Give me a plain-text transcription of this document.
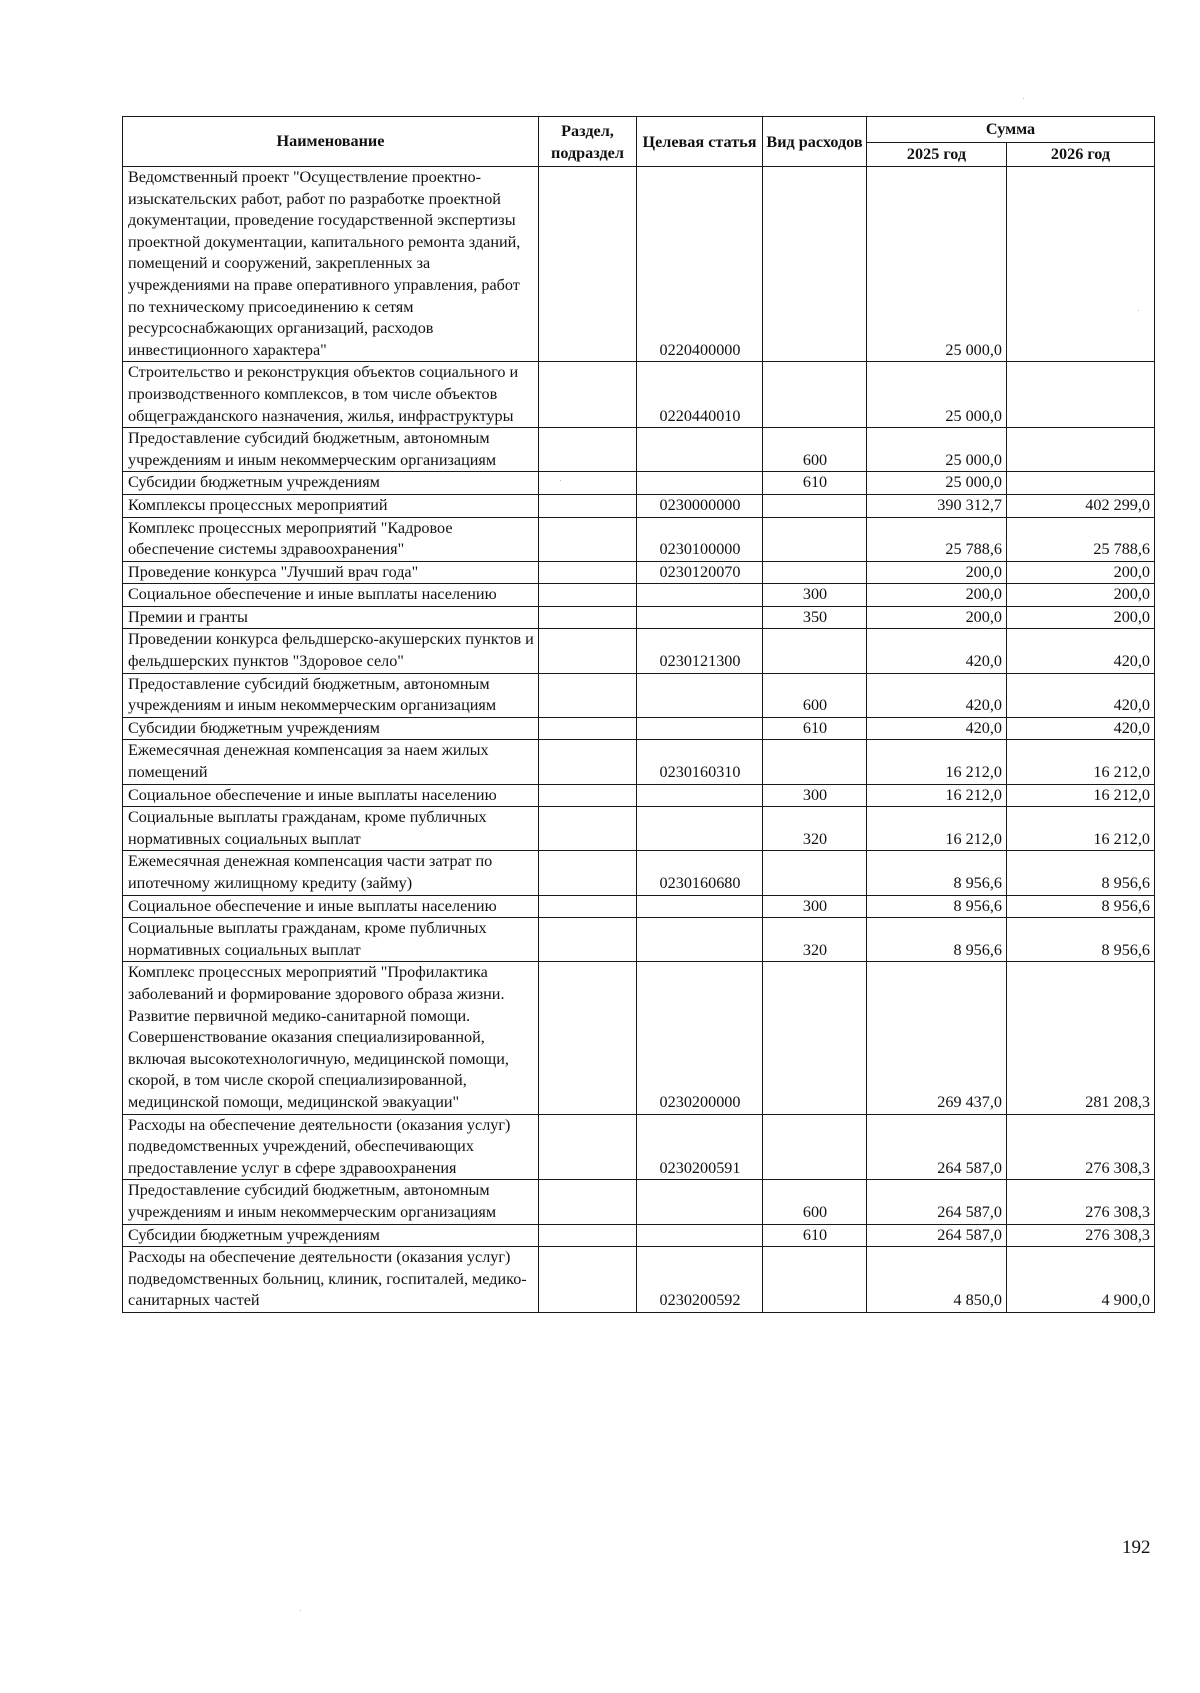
Наименование	Раздел, подраздел	Целевая статья	Вид расходов	Сумма	
				2025 год	2026 год
Ведомственный проект "Осуществление проектно-изыскательских работ, работ по разработке проектной документации, проведение государственной экспертизы проектной документации, капитального ремонта зданий, помещений и сооружений, закрепленных за учреждениями на праве оперативного управления, работ по техническому присоединению к сетям ресурсоснабжающих организаций, расходов инвестиционного характера"		0220400000		25 000,0	
Строительство и реконструкция объектов социального и производственного комплексов, в том числе объектов общегражданского назначения, жилья, инфраструктуры		0220440010		25 000,0	
Предоставление субсидий бюджетным, автономным учреждениям и иным некоммерческим организациям			600	25 000,0	
Субсидии бюджетным учреждениям			610	25 000,0	
Комплексы процессных мероприятий		0230000000		390 312,7	402 299,0
Комплекс процессных мероприятий "Кадровое обеспечение системы здравоохранения"		0230100000		25 788,6	25 788,6
Проведение конкурса "Лучший врач года"		0230120070		200,0	200,0
Социальное обеспечение и иные выплаты населению			300	200,0	200,0
Премии и гранты			350	200,0	200,0
Проведении конкурса фельдшерско-акушерских пунктов и фельдшерских пунктов "Здоровое село"		0230121300		420,0	420,0
Предоставление субсидий бюджетным, автономным учреждениям и иным некоммерческим организациям			600	420,0	420,0
Субсидии бюджетным учреждениям			610	420,0	420,0
Ежемесячная денежная компенсация за наем жилых помещений		0230160310		16 212,0	16 212,0
Социальное обеспечение и иные выплаты населению			300	16 212,0	16 212,0
Социальные выплаты гражданам, кроме публичных нормативных социальных выплат			320	16 212,0	16 212,0
Ежемесячная денежная компенсация части затрат по ипотечному жилищному кредиту (займу)		0230160680		8 956,6	8 956,6
Социальное обеспечение и иные выплаты населению			300	8 956,6	8 956,6
Социальные выплаты гражданам, кроме публичных нормативных социальных выплат			320	8 956,6	8 956,6
Комплекс процессных мероприятий "Профилактика заболеваний и формирование здорового образа жизни. Развитие первичной медико-санитарной помощи. Совершенствование оказания специализированной, включая высокотехнологичную, медицинской помощи, скорой, в том числе скорой специализированной, медицинской помощи, медицинской эвакуации"		0230200000		269 437,0	281 208,3
Расходы на обеспечение деятельности (оказания услуг) подведомственных учреждений, обеспечивающих предоставление услуг в сфере здравоохранения		0230200591		264 587,0	276 308,3
Предоставление субсидий бюджетным, автономным учреждениям и иным некоммерческим организациям			600	264 587,0	276 308,3
Субсидии бюджетным учреждениям			610	264 587,0	276 308,3
Расходы на обеспечение деятельности (оказания услуг) подведомственных больниц, клиник, госпиталей, медико-санитарных частей		0230200592		4 850,0	4 900,0
192
